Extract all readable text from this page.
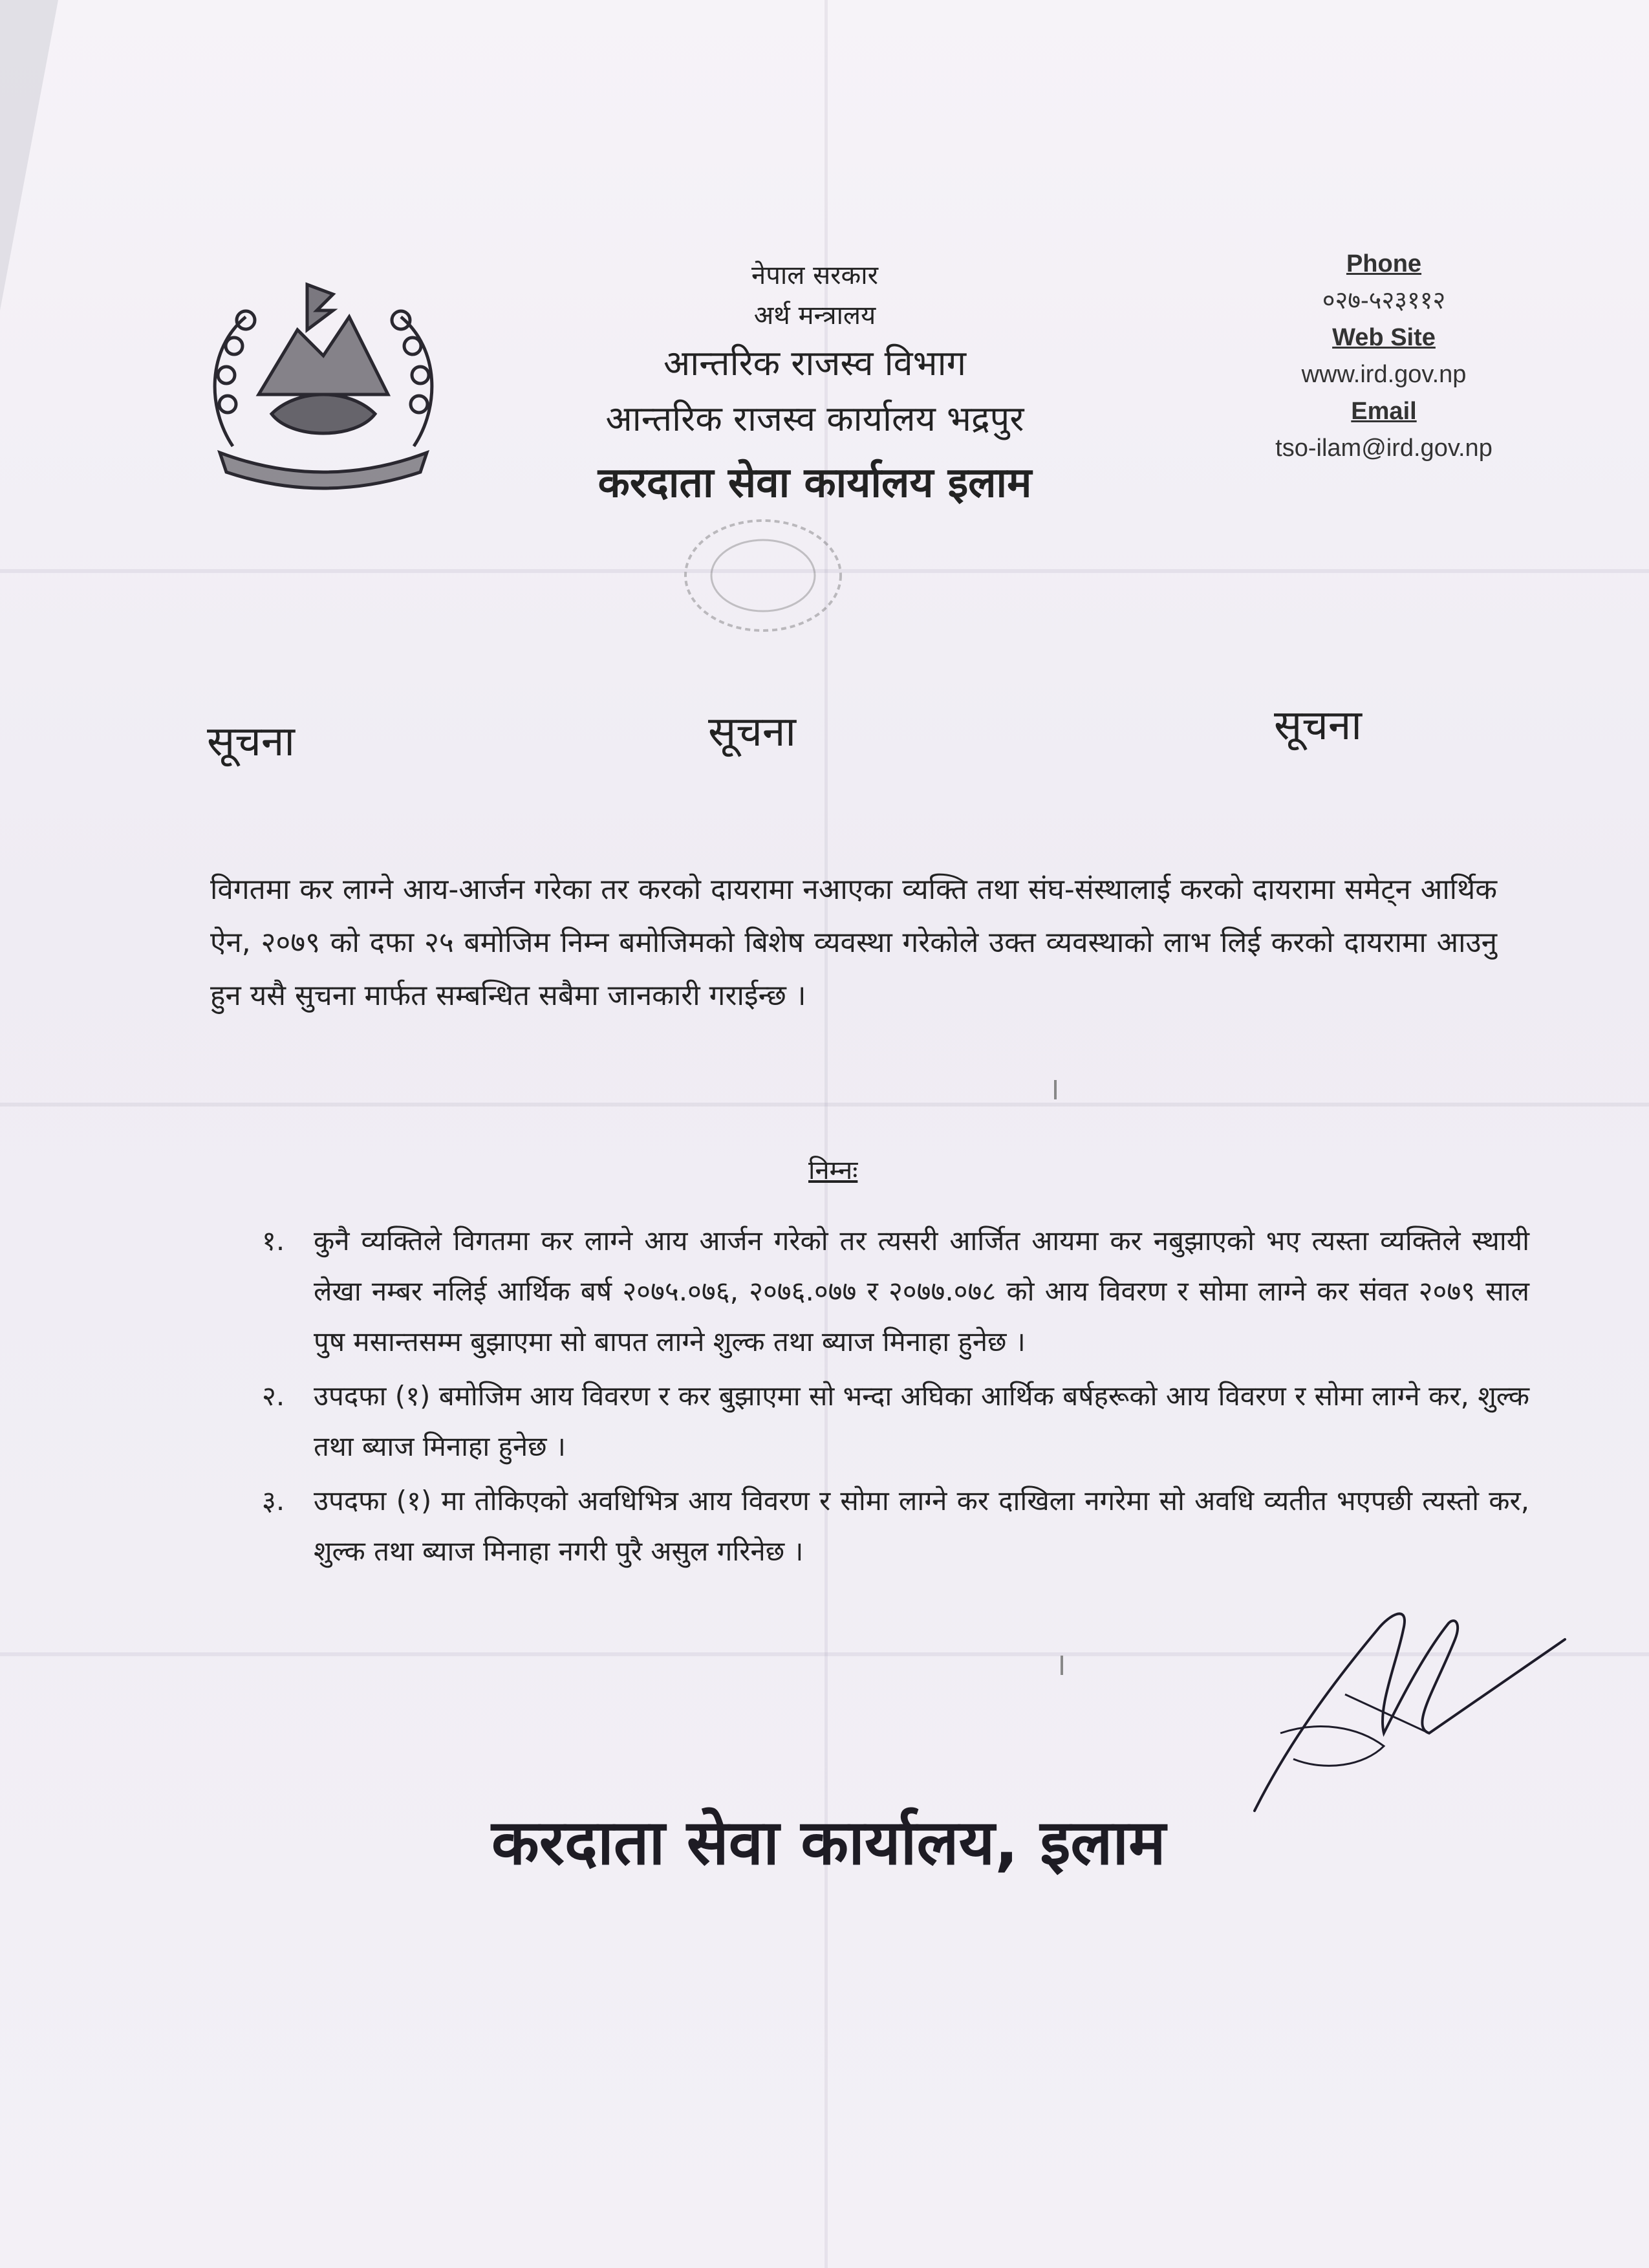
नेपाल सरकार
अर्थ मन्त्रालय
आन्तरिक राजस्व विभाग
आन्तरिक राजस्व कार्यालय भद्रपुर
करदाता सेवा कार्यालय इलाम
Phone
०२७-५२३११२
Web Site
www.ird.gov.np
Email
tso-ilam@ird.gov.np
सूचना	सूचना	सूचना
विगतमा कर लाग्ने आय-आर्जन गरेका तर करको दायरामा नआएका व्यक्ति तथा संघ-संस्थालाई करको दायरामा समेट्न आर्थिक ऐन, २०७९ को दफा २५ बमोजिम निम्न बमोजिमको बिशेष व्यवस्था गरेकोले उक्त व्यवस्थाको लाभ लिई करको दायरामा आउनु हुन यसै सुचना मार्फत सम्बन्धित सबैमा जानकारी गराईन्छ ।
निम्नः
१. कुनै व्यक्तिले विगतमा कर लाग्ने आय आर्जन गरेको तर त्यसरी आर्जित आयमा कर नबुझाएको भए त्यस्ता व्यक्तिले स्थायी लेखा नम्बर नलिई आर्थिक बर्ष २०७५.०७६, २०७६.०७७ र २०७७.०७८ को आय विवरण र सोमा लाग्ने कर संवत २०७९ साल पुष मसान्तसम्म बुझाएमा सो बापत लाग्ने शुल्क तथा ब्याज मिनाहा हुनेछ ।
२. उपदफा (१) बमोजिम आय विवरण र कर बुझाएमा सो भन्दा अघिका आर्थिक बर्षहरूको आय विवरण र सोमा लाग्ने कर, शुल्क तथा ब्याज मिनाहा हुनेछ ।
३. उपदफा (१) मा तोकिएको अवधिभित्र आय विवरण र सोमा लाग्ने कर दाखिला नगरेमा सो अवधि व्यतीत भएपछी त्यस्तो कर, शुल्क तथा ब्याज मिनाहा नगरी पुरै असुल गरिनेछ ।
करदाता सेवा कार्यालय, इलाम
